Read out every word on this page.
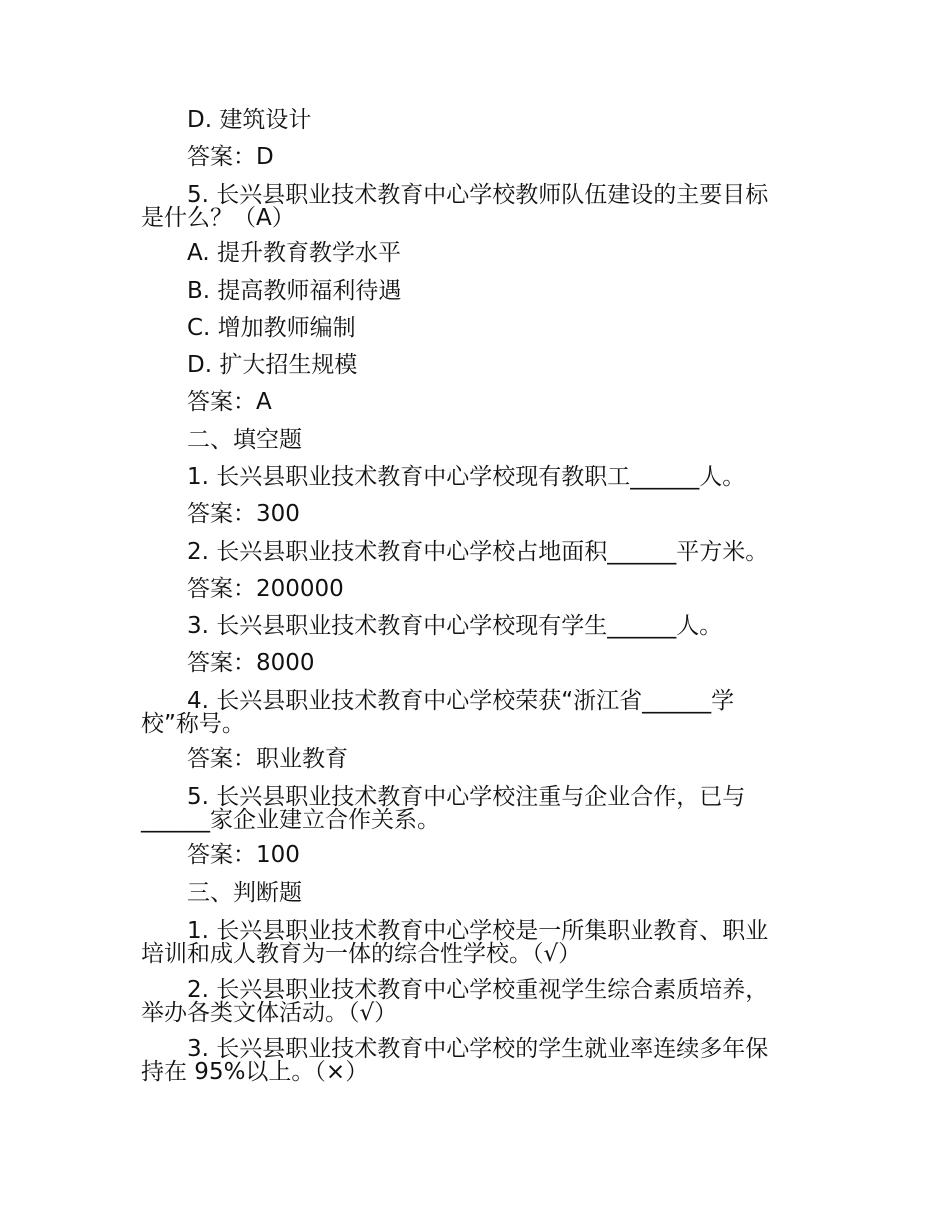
D. 建筑设计
答案：D
5. 长兴县职业技术教育中心学校教师队伍建设的主要目标
是什么？（A）
A. 提升教育教学水平
B. 提高教师福利待遇
C. 增加教师编制
D. 扩大招生规模
答案：A
二、填空题
1. 长兴县职业技术教育中心学校现有教职工______人。
答案：300
2. 长兴县职业技术教育中心学校占地面积______平方米。
答案：200000
3. 长兴县职业技术教育中心学校现有学生______人。
答案：8000
4. 长兴县职业技术教育中心学校荣获“浙江省______学
校”称号。
答案：职业教育
5. 长兴县职业技术教育中心学校注重与企业合作，已与
______家企业建立合作关系。
答案：100
三、判断题
1. 长兴县职业技术教育中心学校是一所集职业教育、职业
培训和成人教育为一体的综合性学校。（√）
2. 长兴县职业技术教育中心学校重视学生综合素质培养，
举办各类文体活动。（√）
3. 长兴县职业技术教育中心学校的学生就业率连续多年保
持在 95%以上。（×）
